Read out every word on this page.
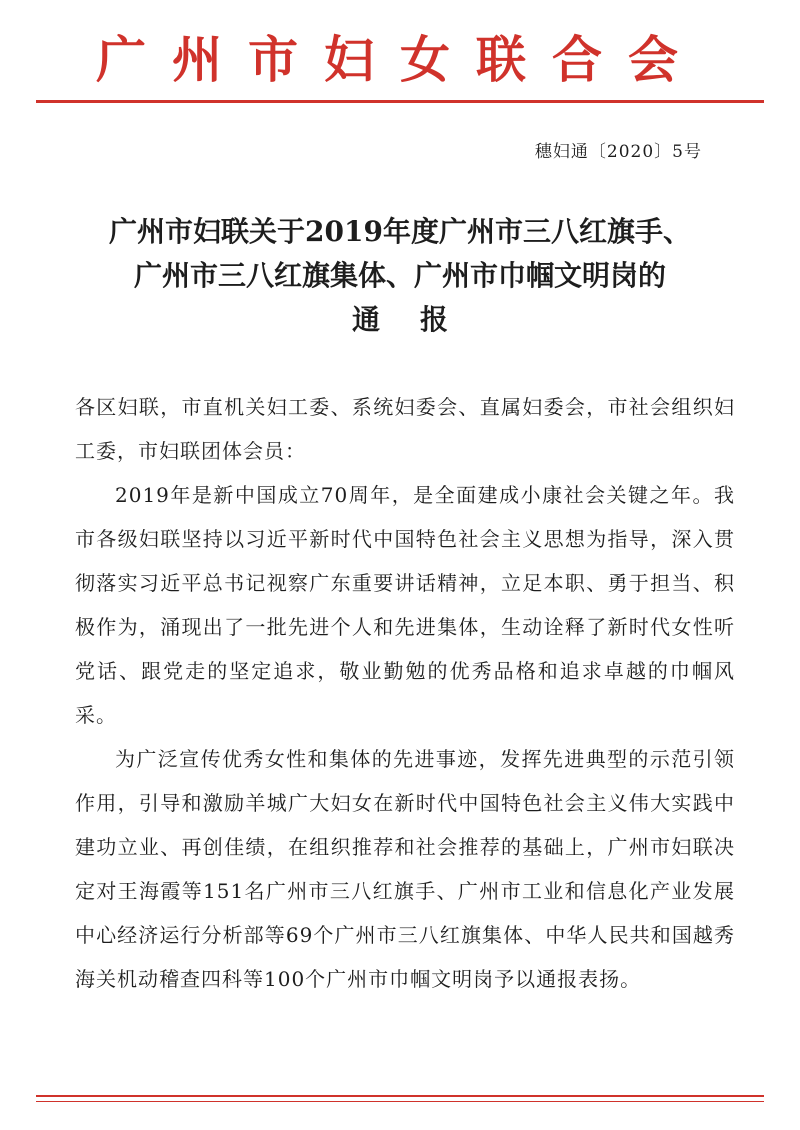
广州市妇女联合会
穗妇通〔2020〕5号
广州市妇联关于2019年度广州市三八红旗手、
广州市三八红旗集体、广州市巾帼文明岗的
通报

各区妇联，市直机关妇工委、系统妇委会、直属妇委会，市社会组织妇工委，市妇联团体会员：

2019年是新中国成立70周年，是全面建成小康社会关键之年。我市各级妇联坚持以习近平新时代中国特色社会主义思想为指导，深入贯彻落实习近平总书记视察广东重要讲话精神，立足本职、勇于担当、积极作为，涌现出了一批先进个人和先进集体，生动诠释了新时代女性听党话、跟党走的坚定追求，敬业勤勉的优秀品格和追求卓越的巾帼风采。

为广泛宣传优秀女性和集体的先进事迹，发挥先进典型的示范引领作用，引导和激励羊城广大妇女在新时代中国特色社会主义伟大实践中建功立业、再创佳绩，在组织推荐和社会推荐的基础上，广州市妇联决定对王海霞等151名广州市三八红旗手、广州市工业和信息化产业发展中心经济运行分析部等69个广州市三八红旗集体、中华人民共和国越秀海关机动稽查四科等100个广州市巾帼文明岗予以通报表扬。
